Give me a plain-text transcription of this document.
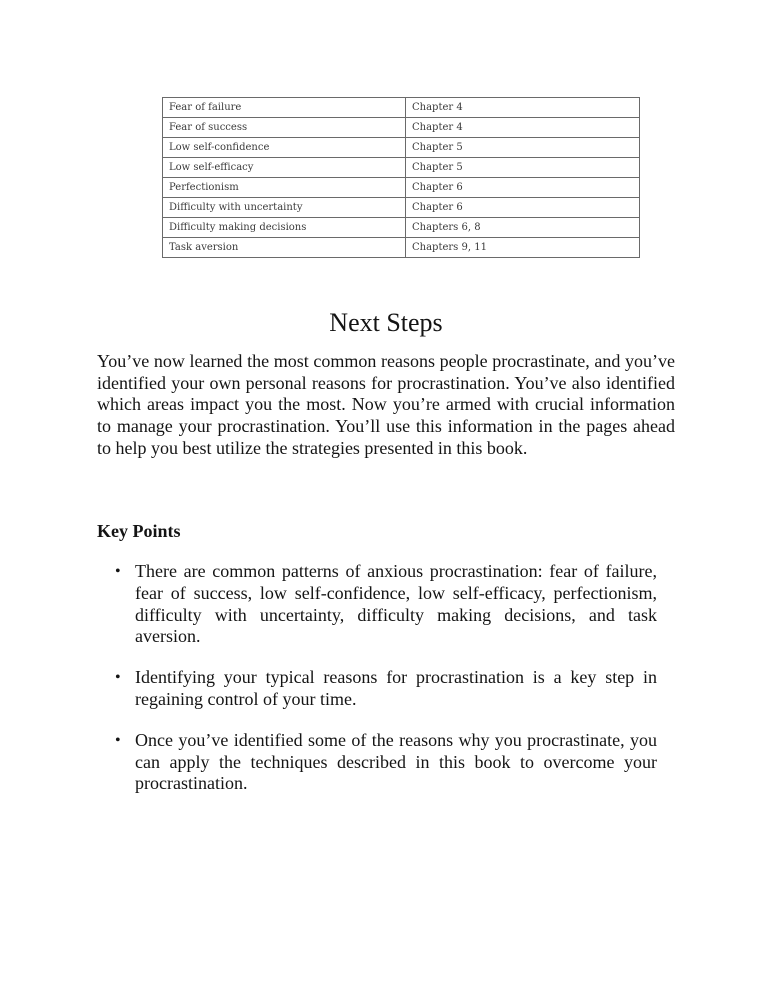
Fear of failure	Chapter 4
Fear of success	Chapter 4
Low self-confidence	Chapter 5
Low self-efficacy	Chapter 5
Perfectionism	Chapter 6
Difficulty with uncertainty	Chapter 6
Difficulty making decisions	Chapters 6, 8
Task aversion	Chapters 9, 11
Next Steps

You’ve now learned the most common reasons people procrastinate, and you’ve identified your own personal reasons for procrastination. You’ve also identified which areas impact you the most. Now you’re armed with crucial information to manage your procrastination. You’ll use this information in the pages ahead to help you best utilize the strategies presented in this book.

Key Points
• There are common patterns of anxious procrastination: fear of failure, fear of success, low self-confidence, low self-efficacy, perfectionism, difficulty with uncertainty, difficulty making decisions, and task aversion.
• Identifying your typical reasons for procrastination is a key step in regaining control of your time.
• Once you’ve identified some of the reasons why you procrastinate, you can apply the techniques described in this book to overcome your procrastination.
